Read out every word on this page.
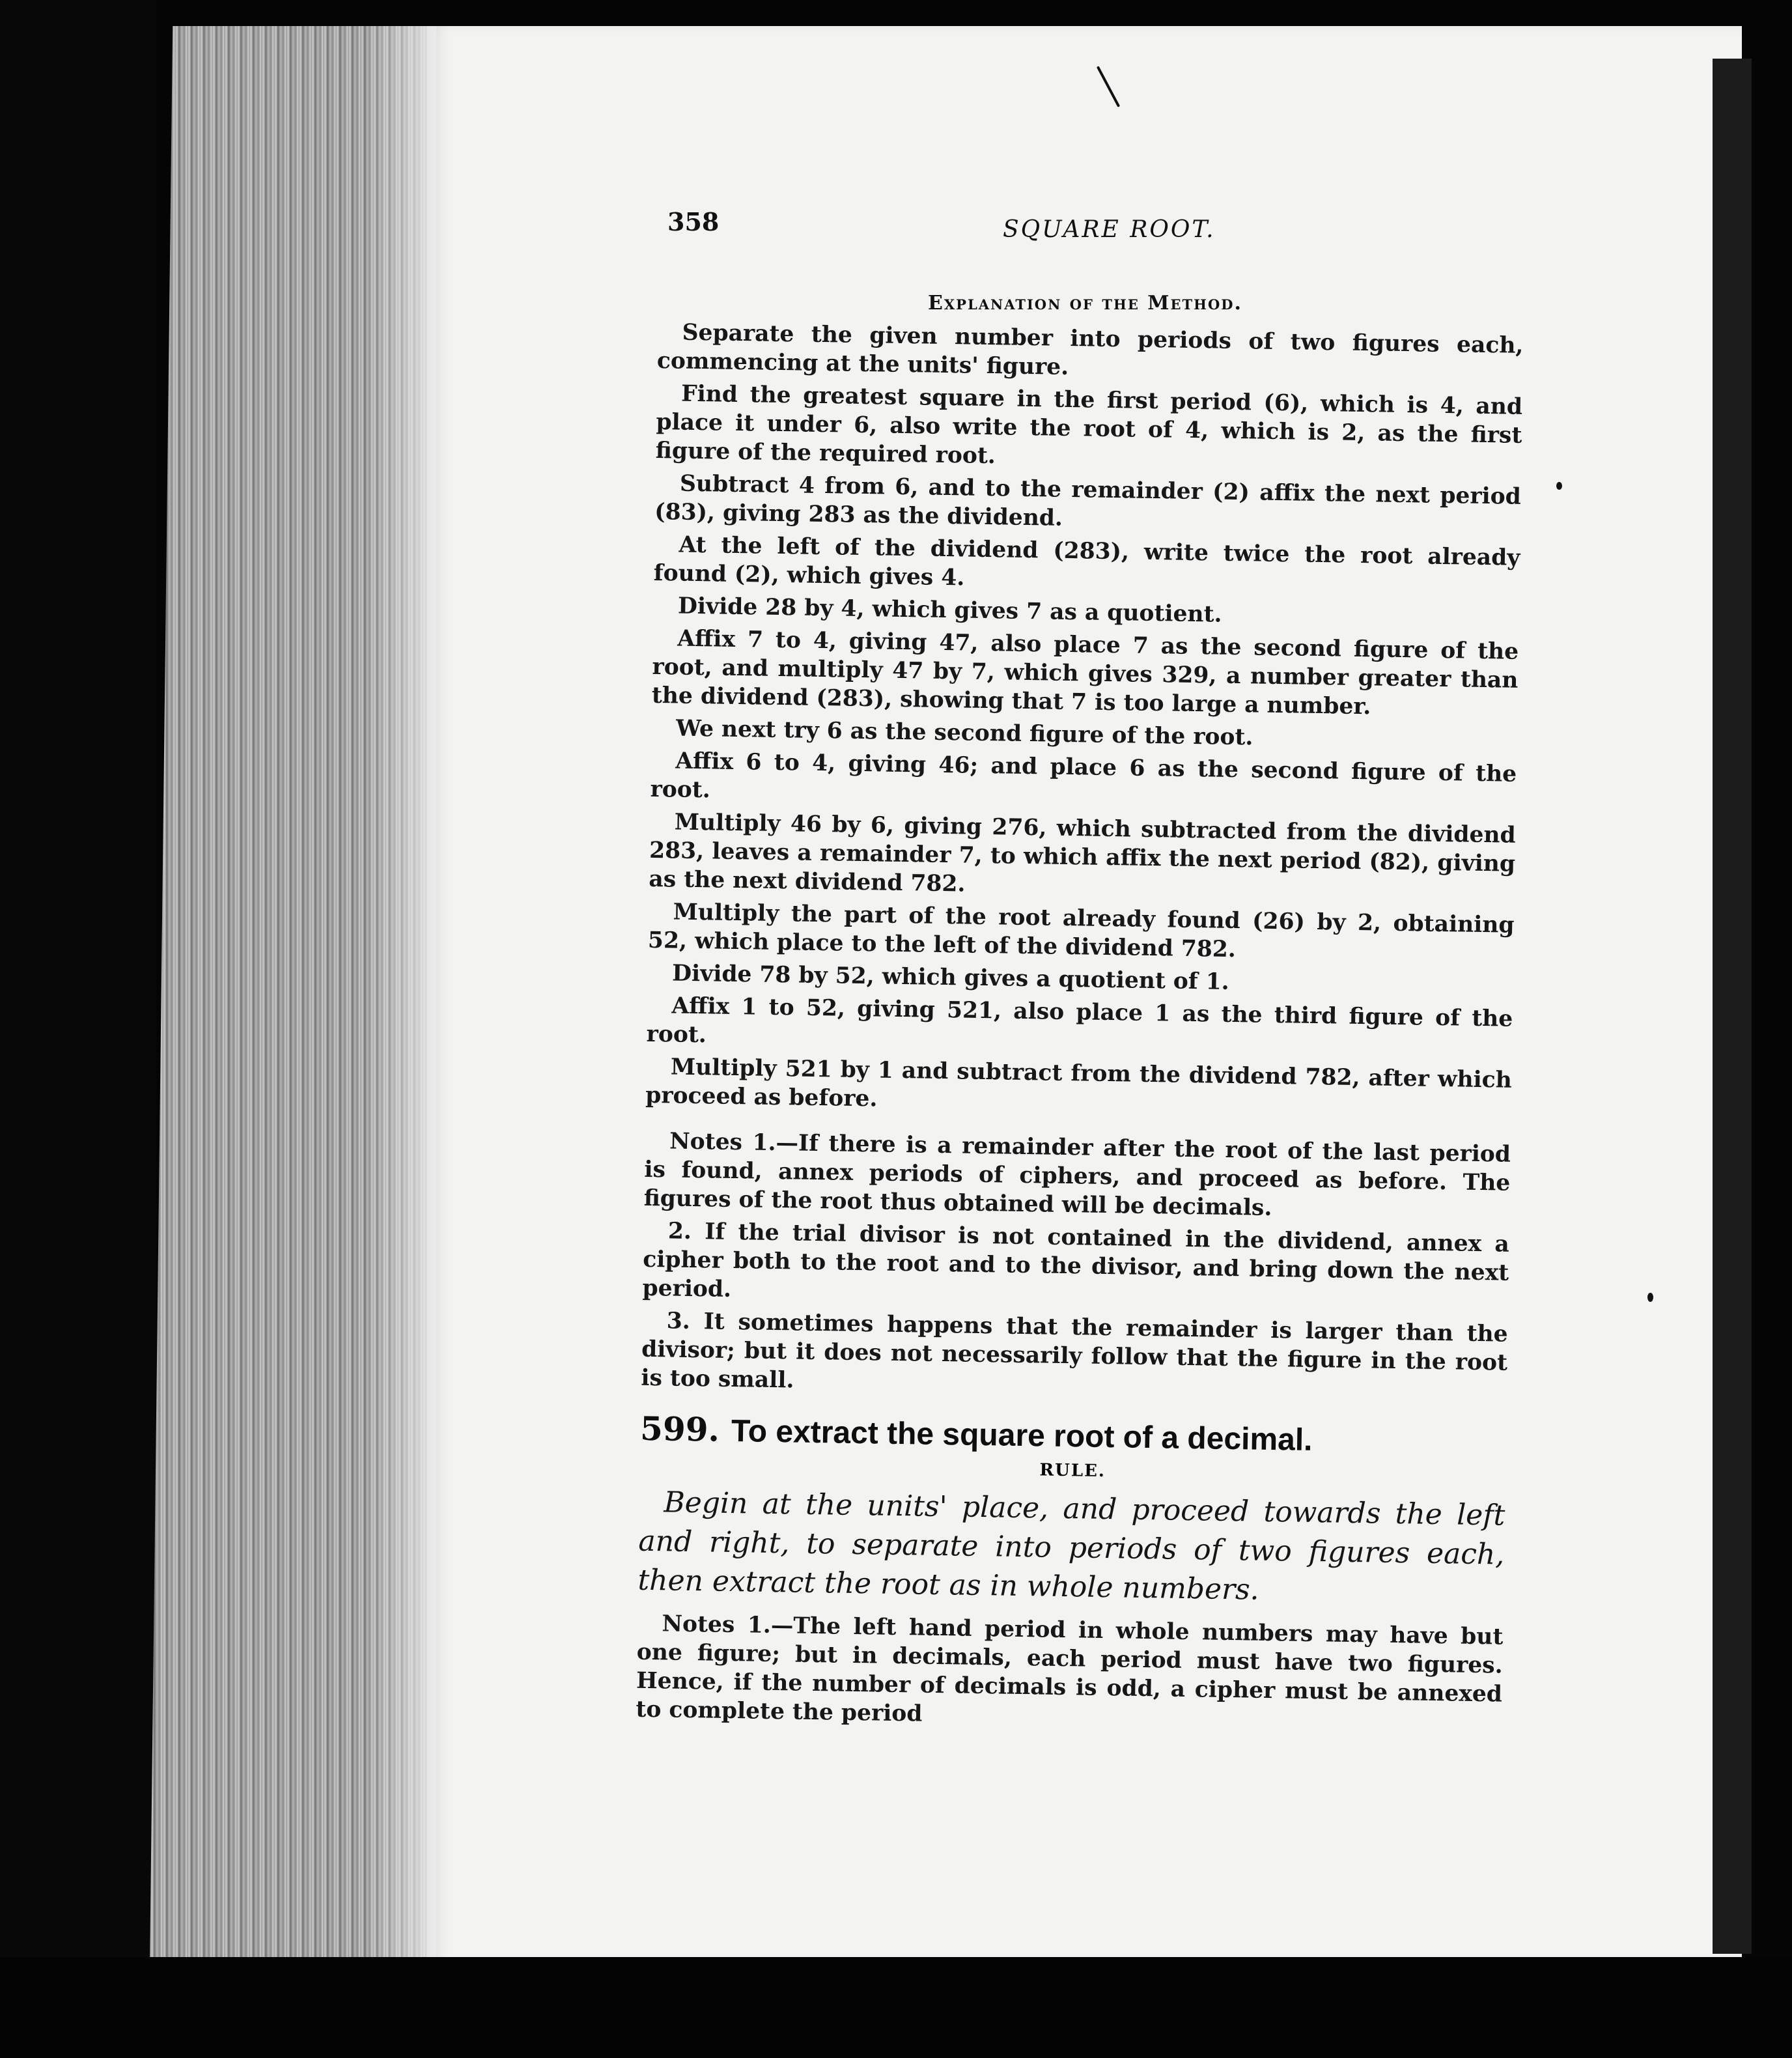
358	SQUARE ROOT.
Explanation of the Method.

Separate the given number into periods of two figures each, commencing at the units' figure.

Find the greatest square in the first period (6), which is 4, and place it under 6, also write the root of 4, which is 2, as the first figure of the required root.

Subtract 4 from 6, and to the remainder (2) affix the next period (83), giving 283 as the dividend.

At the left of the dividend (283), write twice the root already found (2), which gives 4.

Divide 28 by 4, which gives 7 as a quotient.

Affix 7 to 4, giving 47, also place 7 as the second figure of the root, and multiply 47 by 7, which gives 329, a number greater than the dividend (283), showing that 7 is too large a number.

We next try 6 as the second figure of the root.

Affix 6 to 4, giving 46; and place 6 as the second figure of the root.

Multiply 46 by 6, giving 276, which subtracted from the dividend 283, leaves a remainder 7, to which affix the next period (82), giving as the next dividend 782.

Multiply the part of the root already found (26) by 2, obtaining 52, which place to the left of the dividend 782.

Divide 78 by 52, which gives a quotient of 1.

Affix 1 to 52, giving 521, also place 1 as the third figure of the root.

Multiply 521 by 1 and subtract from the dividend 782, after which proceed as before.

Notes 1.—If there is a remainder after the root of the last period is found, annex periods of ciphers, and proceed as before. The figures of the root thus obtained will be decimals.

2. If the trial divisor is not contained in the dividend, annex a cipher both to the root and to the divisor, and bring down the next period.

3. It sometimes happens that the remainder is larger than the divisor; but it does not necessarily follow that the figure in the root is too small.

599. To extract the square root of a decimal.
RULE.

Begin at the units' place, and proceed towards the left and right, to separate into periods of two figures each, then extract the root as in whole numbers.

Notes 1.—The left hand period in whole numbers may have but one figure; but in decimals, each period must have two figures. Hence, if the number of decimals is odd, a cipher must be annexed to complete the period
